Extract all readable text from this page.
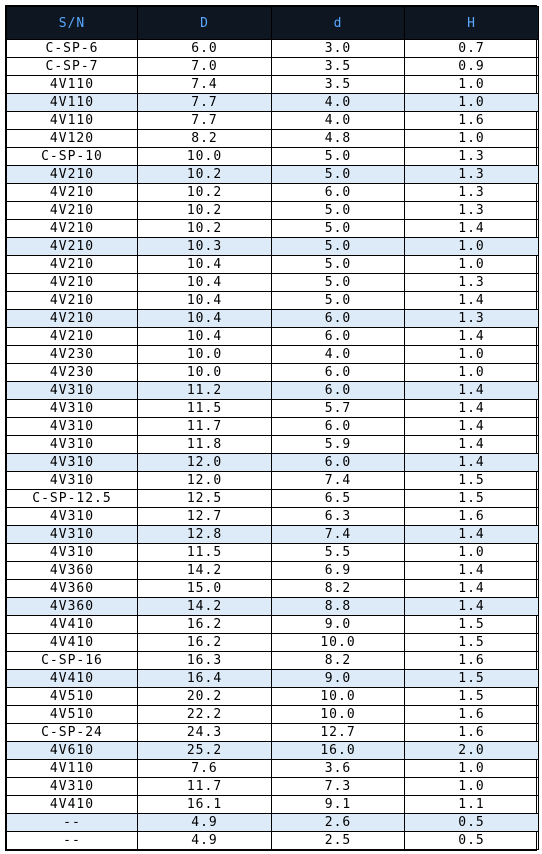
S/N	D	d	H
C-SP-6	6.0	3.0	0.7
C-SP-7	7.0	3.5	0.9
4V110	7.4	3.5	1.0
4V110	7.7	4.0	1.0
4V110	7.7	4.0	1.6
4V120	8.2	4.8	1.0
C-SP-10	10.0	5.0	1.3
4V210	10.2	5.0	1.3
4V210	10.2	6.0	1.3
4V210	10.2	5.0	1.3
4V210	10.2	5.0	1.4
4V210	10.3	5.0	1.0
4V210	10.4	5.0	1.0
4V210	10.4	5.0	1.3
4V210	10.4	5.0	1.4
4V210	10.4	6.0	1.3
4V210	10.4	6.0	1.4
4V230	10.0	4.0	1.0
4V230	10.0	6.0	1.0
4V310	11.2	6.0	1.4
4V310	11.5	5.7	1.4
4V310	11.7	6.0	1.4
4V310	11.8	5.9	1.4
4V310	12.0	6.0	1.4
4V310	12.0	7.4	1.5
C-SP-12.5	12.5	6.5	1.5
4V310	12.7	6.3	1.6
4V310	12.8	7.4	1.4
4V310	11.5	5.5	1.0
4V360	14.2	6.9	1.4
4V360	15.0	8.2	1.4
4V360	14.2	8.8	1.4
4V410	16.2	9.0	1.5
4V410	16.2	10.0	1.5
C-SP-16	16.3	8.2	1.6
4V410	16.4	9.0	1.5
4V510	20.2	10.0	1.5
4V510	22.2	10.0	1.6
C-SP-24	24.3	12.7	1.6
4V610	25.2	16.0	2.0
4V110	7.6	3.6	1.0
4V310	11.7	7.3	1.0
4V410	16.1	9.1	1.1
--	4.9	2.6	0.5
--	4.9	2.5	0.5
